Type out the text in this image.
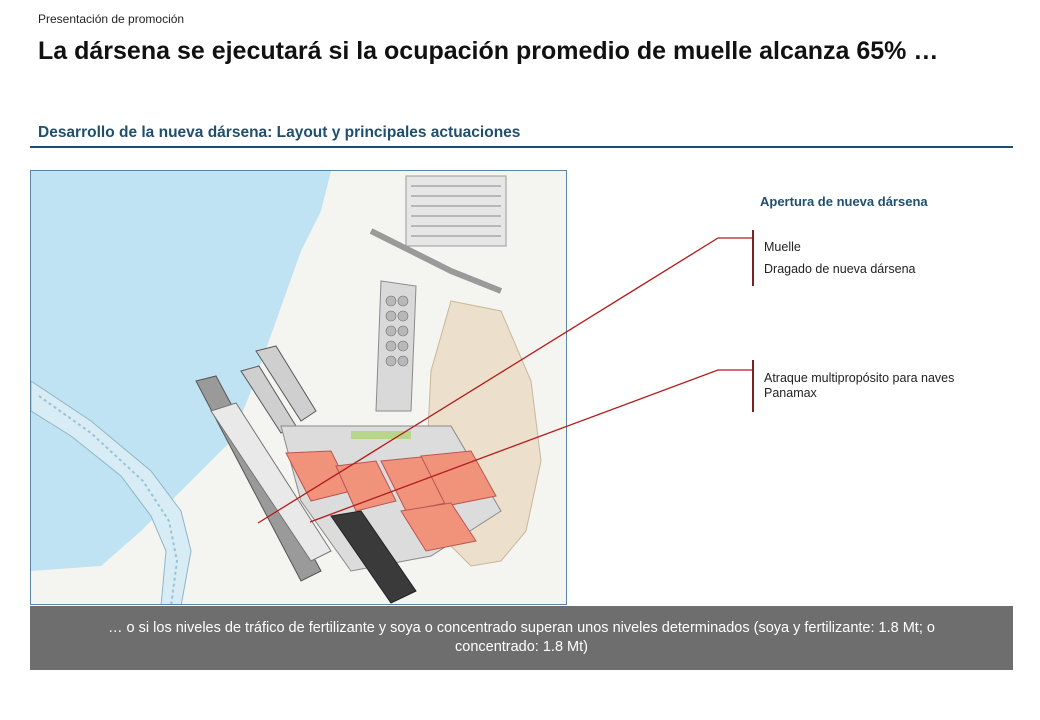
Presentación de promoción
La dársena se ejecutará si la ocupación promedio de muelle alcanza 65% …
Desarrollo de la nueva dársena: Layout y principales actuaciones
Apertura de nueva dársena
Muelle
Dragado de nueva dársena
Atraque multipropósito para naves Panamax
… o si los niveles de tráfico de fertilizante y soya o concentrado superan unos niveles determinados (soya y fertilizante: 1.8 Mt; o concentrado: 1.8 Mt)
